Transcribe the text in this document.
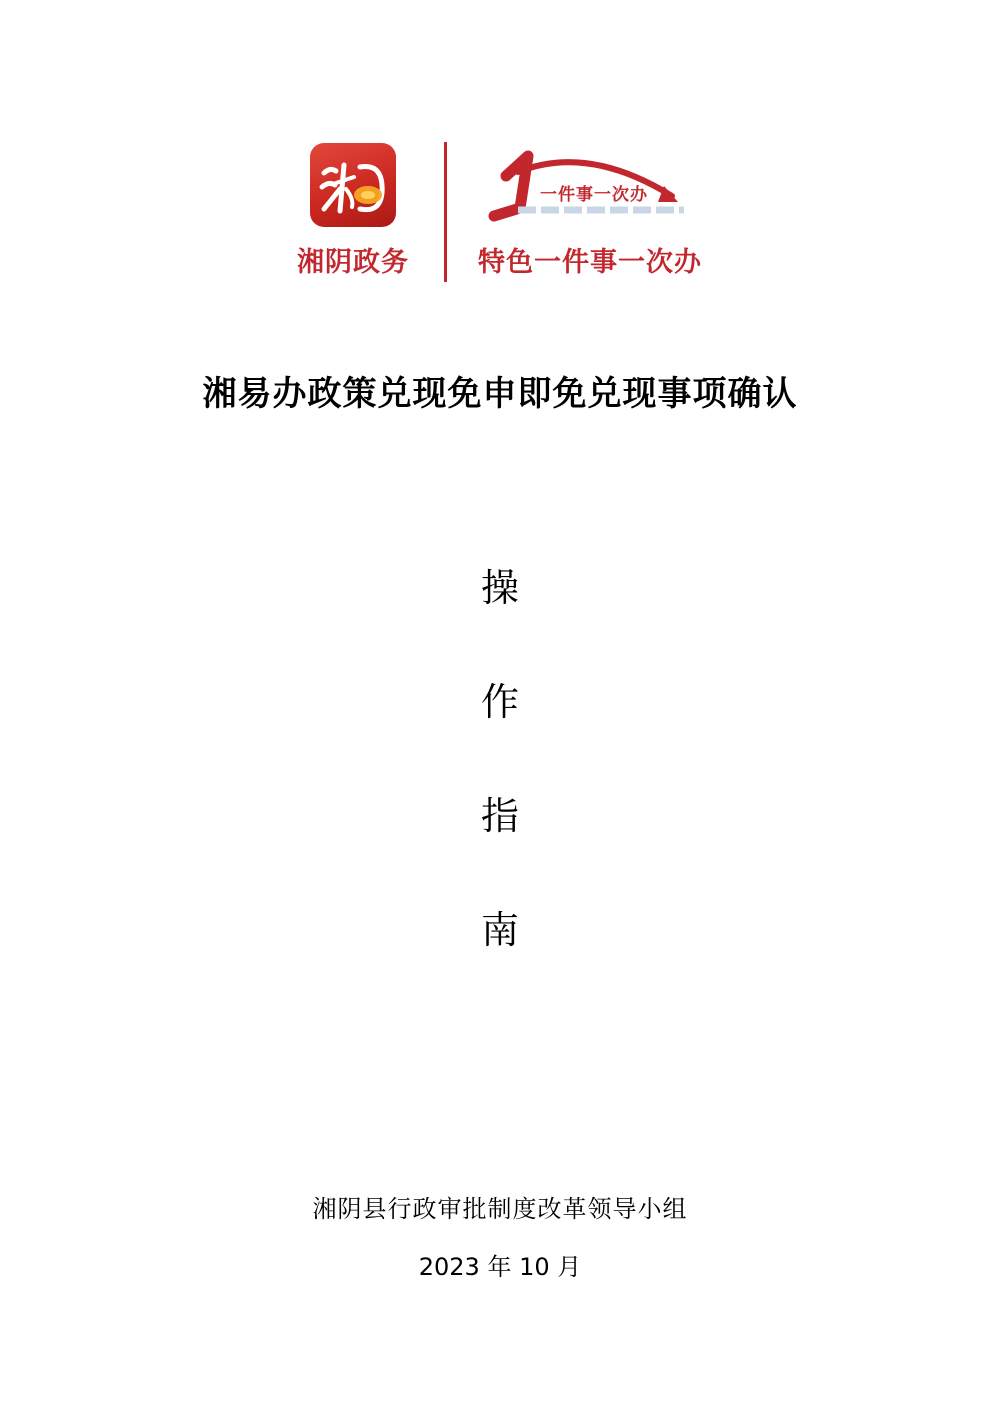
湘阴政务
一件事一次办
特色一件事一次办
湘易办政策兑现免申即免兑现事项确认
操
作
指
南
湘阴县行政审批制度改革领导小组
2023 年 10 月
